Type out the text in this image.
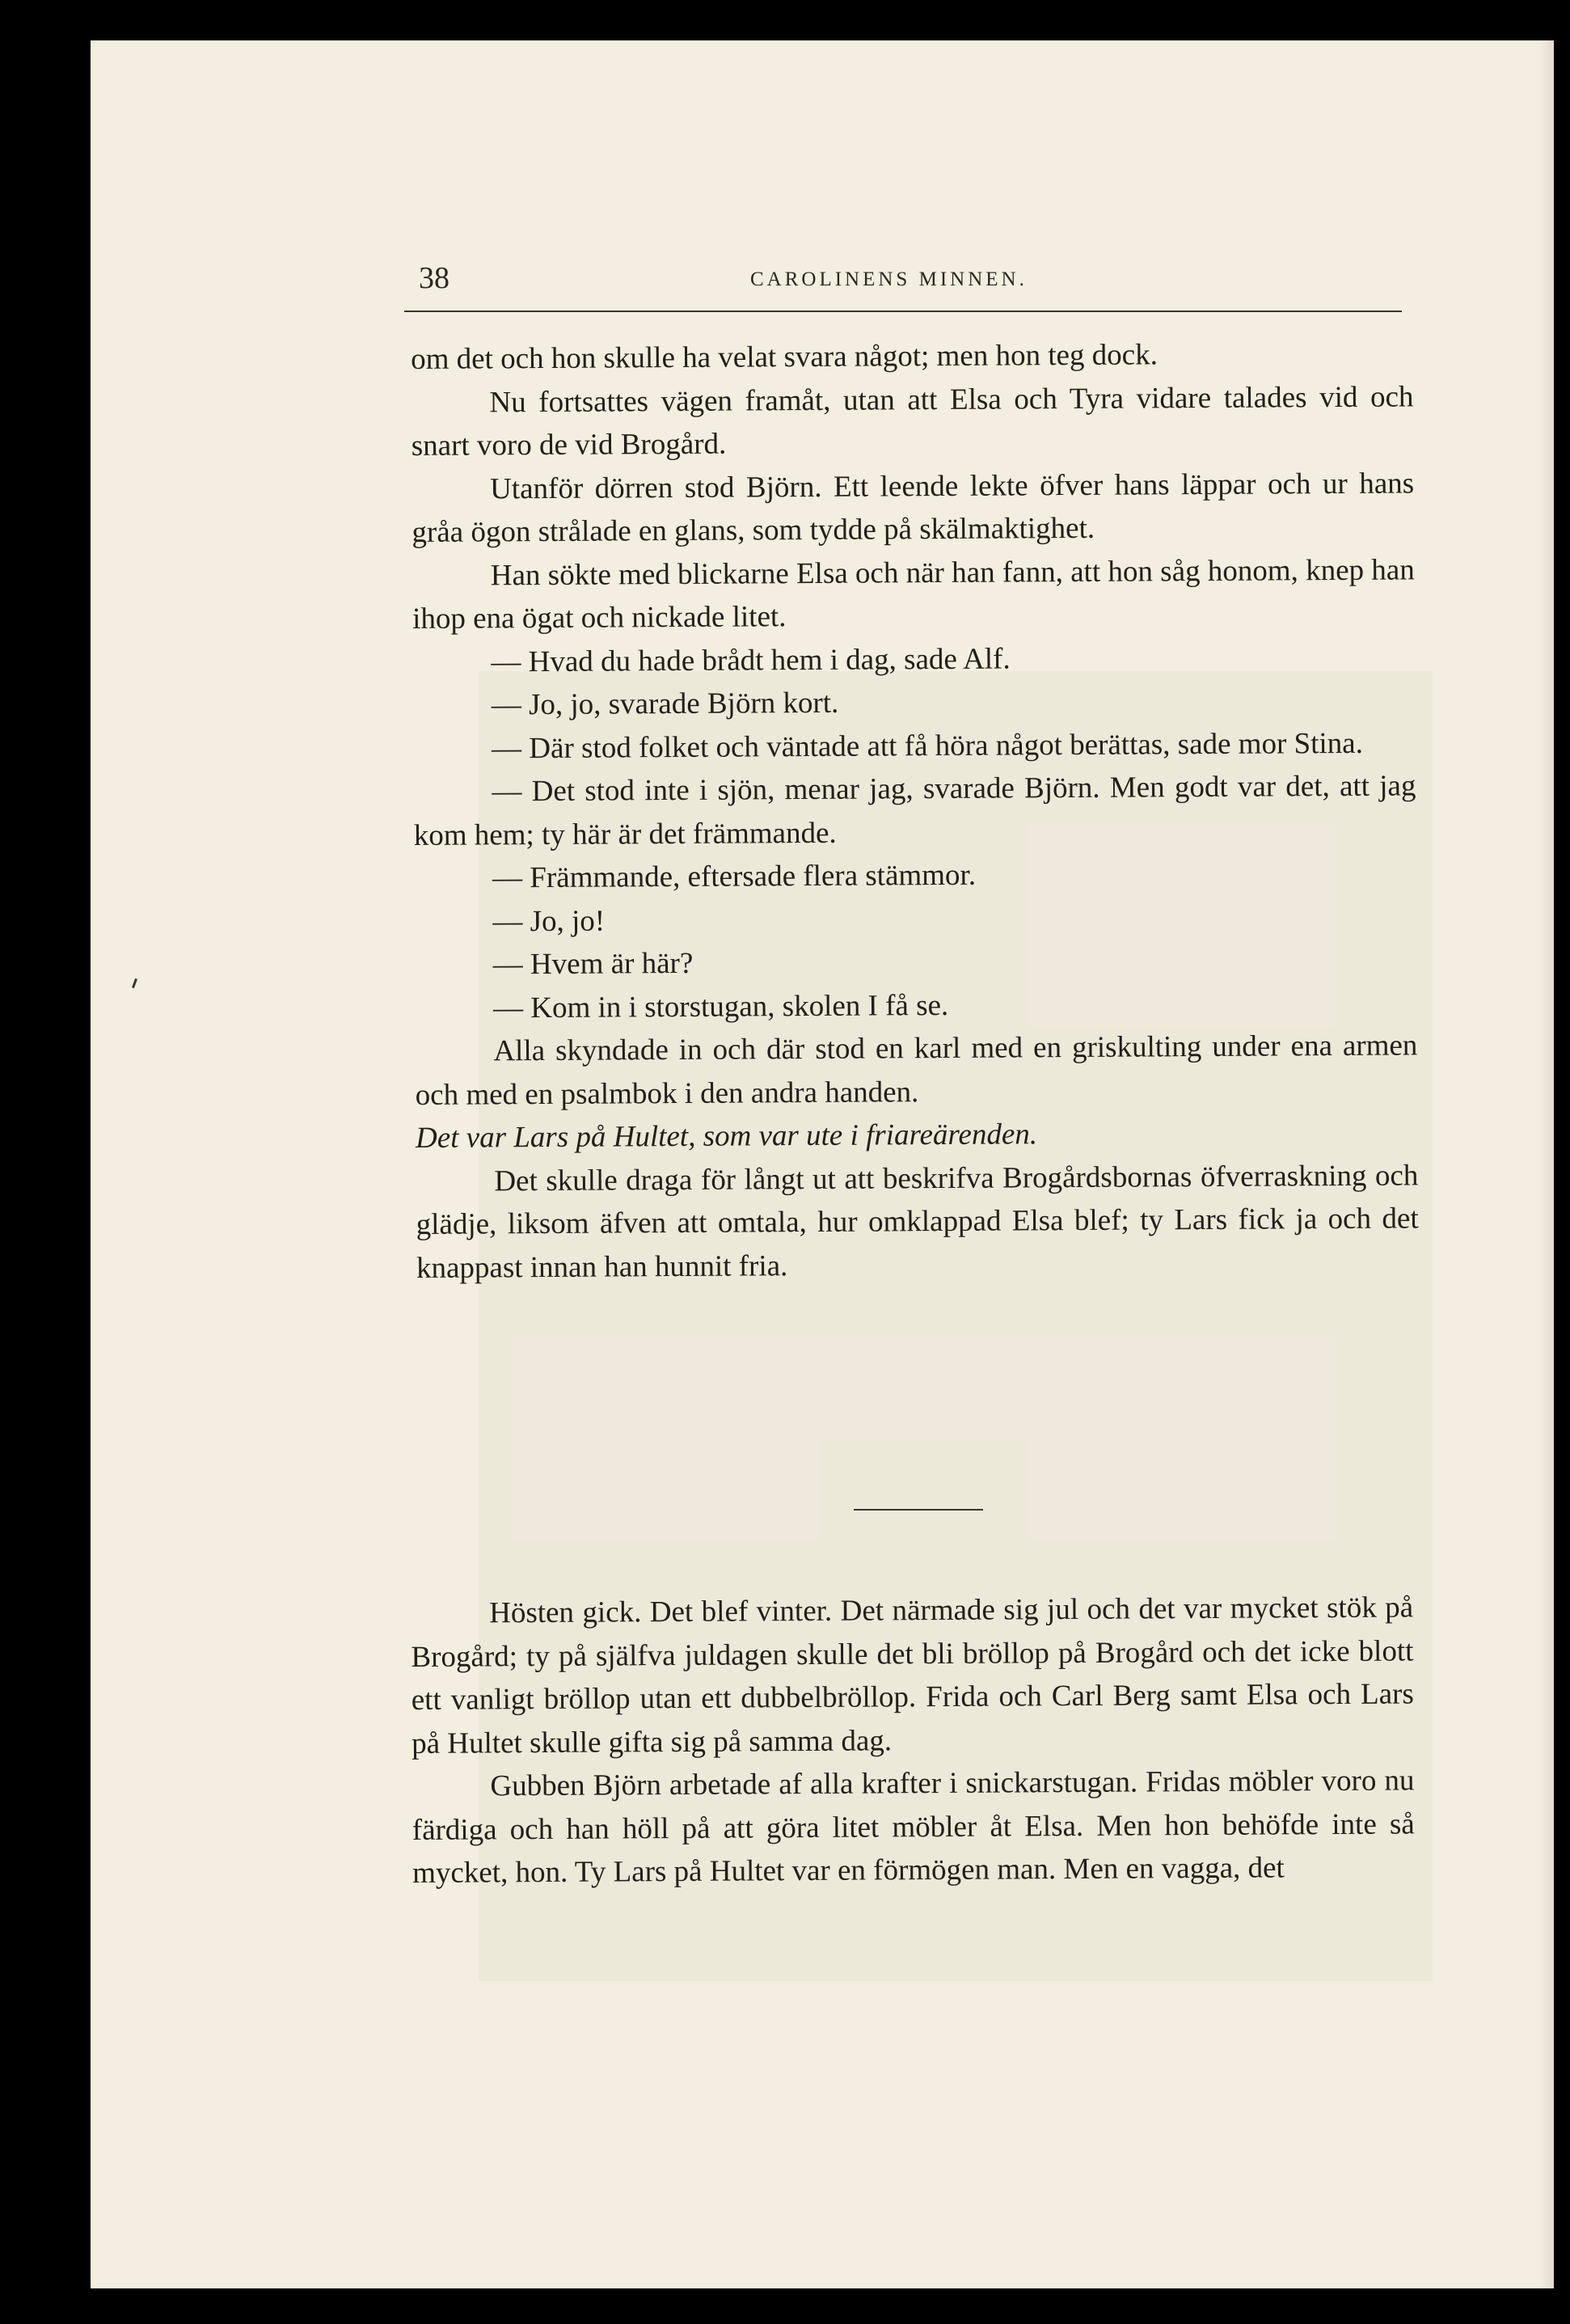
38	CAROLINENS MINNEN.

om det och hon skulle ha velat svara något; men hon teg dock.

Nu fortsattes vägen framåt, utan att Elsa och Tyra vidare talades vid och snart voro de vid Brogård.

Utanför dörren stod Björn. Ett leende lekte öfver hans läppar och ur hans gråa ögon strålade en glans, som tydde på skälmaktighet.

Han sökte med blickarne Elsa och när han fann, att hon såg honom, knep han ihop ena ögat och nickade litet.

— Hvad du hade brådt hem i dag, sade Alf.

— Jo, jo, svarade Björn kort.

— Där stod folket och väntade att få höra något berättas, sade mor Stina.

— Det stod inte i sjön, menar jag, svarade Björn. Men godt var det, att jag kom hem; ty här är det främmande.

— Främmande, eftersade flera stämmor.

— Jo, jo!

— Hvem är här?

— Kom in i storstugan, skolen I få se.

Alla skyndade in och där stod en karl med en griskulting under ena armen och med en psalmbok i den andra handen.

Det var Lars på Hultet, som var ute i friareärenden.

Det skulle draga för långt ut att beskrifva Brogårdsbornas öfverraskning och glädje, liksom äfven att omtala, hur omklappad Elsa blef; ty Lars fick ja och det knappast innan han hunnit fria.

Hösten gick. Det blef vinter. Det närmade sig jul och det var mycket stök på Brogård; ty på själfva juldagen skulle det bli bröllop på Brogård och det icke blott ett vanligt bröllop utan ett dubbelbröllop. Frida och Carl Berg samt Elsa och Lars på Hultet skulle gifta sig på samma dag.

Gubben Björn arbetade af alla krafter i snickarstugan. Fridas möbler voro nu färdiga och han höll på att göra litet möbler åt Elsa. Men hon behöfde inte så mycket, hon. Ty Lars på Hultet var en förmögen man. Men en vagga, det
